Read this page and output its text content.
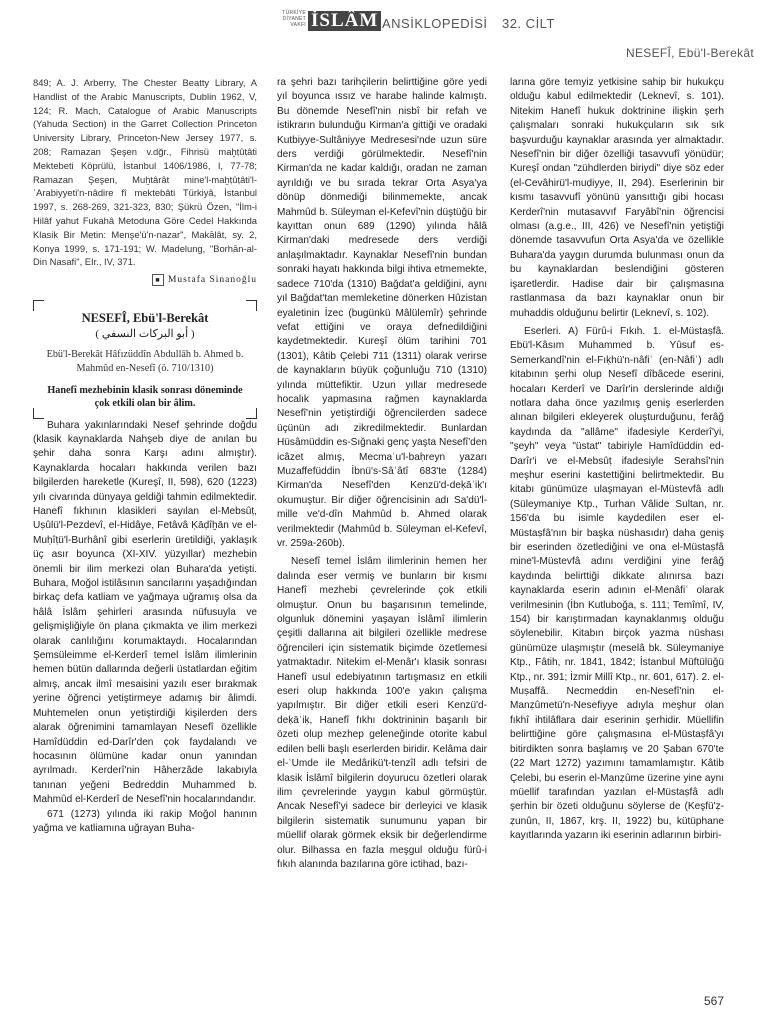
TÜRKİYE
DİYANET
VAKFI İSLÂM ANSİKLOPEDİSİ 32. CİLT
NESEFÎ, Ebü'l-Berekât

849; A. J. Arberry, The Chester Beatty Library, A Handlist of the Arabic Manuscripts, Dublin 1962, V, 124; R. Mach, Catalogue of Arabic Manuscripts (Yahuda Section) in the Garret Collection Princeton University Library, Princeton-New Jersey 1977, s. 208; Ramazan Şeşen v.dğr., Fihrisü maḫṭûṭâti Mektebeti Köprülü, İstanbul 1406/1986, I, 77-78; Ramazan Şeşen, Muḫtârât mine'l-maḫṭûṭâti'l-ʿArabiyyeti'n-nâdire fî mektebâti Türkiyâ, İstanbul 1997, s. 268-269, 321-323, 830; Şükrü Özen, "İlm-i Hilâf yahut Fukahâ Metoduna Göre Cedel Hakkında Klasik Bir Metin: Menşe'ü'n-nazar", Makālât, sy. 2, Konya 1999, s. 171-191; W. Madelung, "Borhān-al-Din Nasafi", EIr., IV, 371.

■ Mustafa Sinanoğlu
NESEFÎ, Ebü'l-Berekât
( أبو البركات النسفي )
Ebü'l-Berekât Hâfızüddîn Abdullāh b. Ahmed b. Mahmûd en-Nesefî (ö. 710/1310)
Hanefî mezhebinin klasik sonrası döneminde çok etkili olan bir âlim.

Buhara yakınlarındaki Nesef şehrinde doğdu (klasik kaynaklarda Nahşeb diye de anılan bu şehir daha sonra Karşı adını almıştır). Kaynaklarda hocaları hakkında verilen bazı bilgilerden hareketle (Kureşî, II, 598), 620 (1223) yılı civarında dünyaya geldiği tahmin edilmektedir. Hanefî fıkhının klasikleri sayılan el-Mebsûṭ, Uṣûlü'l-Pezdevî, el-Hidâye, Fetâvâ Ḳāḍîḫān ve el-Muḥîṭü'l-Burhânî gibi eserlerin üretildiği, yaklaşık üç asır boyunca (XI-XIV. yüzyıllar) mezhebin önemli bir ilim merkezi olan Buhara'da yetişti. Buhara, Moğol istilâsının sancılarını yaşadığından birkaç defa katliam ve yağmaya uğramış olsa da hâlâ İslâm şehirleri arasında nüfusuyla ve gelişmişliğiyle ön plana çıkmakta ve ilim merkezi olarak canlılığını korumaktaydı. Hocalarından Şemsüleimme el-Kerderî temel İslâm ilimlerinin hemen bütün dallarında değerli üstatlardan eğitim almış, ancak ilmî mesaisini yazılı eser bırakmak yerine öğrenci yetiştirmeye adamış bir âlimdi. Muhtemelen onun yetiştirdiği kişilerden ders alarak öğrenimini tamamlayan Nesefî özellikle Hamîdüddin ed-Darîr'den çok faydalandı ve hocasının ölümüne kadar onun yanından ayrılmadı. Kerderî'nin Hâherzâde lakabıyla tanınan yeğeni Bedreddin Muhammed b. Mahmûd el-Kerderî de Nesefî'nin hocalarındandır.

671 (1273) yılında iki rakip Moğol hanının yağma ve katliamına uğrayan Buha-

ra şehri bazı tarihçilerin belirttiğine göre yedi yıl boyunca ıssız ve harabe halinde kalmıştı. Bu dönemde Nesefî'nin nisbî bir refah ve istikrarın bulunduğu Kirman'a gittiği ve oradaki Kutbiyye-Sultâniyye Medresesi'nde uzun süre ders verdiği görülmektedir. Nesefî'nin Kirman'da ne kadar kaldığı, oradan ne zaman ayrıldığı ve bu sırada tekrar Orta Asya'ya dönüp dönmediği bilinmemekte, ancak Mahmûd b. Süleyman el-Kefevî'nin düştüğü bir kayıttan onun 689 (1290) yılında hâlâ Kirman'daki medresede ders verdiği anlaşılmaktadır. Kaynaklar Nesefî'nin bundan sonraki hayatı hakkında bilgi ihtiva etmemekte, sadece 710'da (1310) Bağdat'a geldiğini, aynı yıl Bağdat'tan memleketine dönerken Hûzistan eyaletinin İzec (bugünkü Mâlülemîr) şehrinde vefat ettiğini ve oraya defnedildiğini kaydetmektedir. Kureşî ölüm tarihini 701 (1301), Kâtib Çelebi 711 (1311) olarak verirse de kaynakların büyük çoğunluğu 710 (1310) yılında müttefiktir. Uzun yıllar medresede hocalık yapmasına rağmen kaynaklarda Nesefî'nin yetiştirdiği öğrencilerden sadece üçünün adı zikredilmektedir. Bunlardan Hüsâmüddin es-Sığnaki genç yaşta Nesefî'den icâzet almış, Mecmaʿu'l-baḥreyn yazarı Muzaffefüddin İbnü's-Sâʿâtî 683'te (1284) Kirman'da Nesefî'den Kenzü'd-deḳāʾiḳ'ı okumuştur. Bir diğer öğrencisinin adı Sa'dü'l-mille ve'd-dîn Mahmûd b. Ahmed olarak verilmektedir (Mahmûd b. Süleyman el-Kefevî, vr. 259a-260b).

Nesefî temel İslâm ilimlerinin hemen her dalında eser vermiş ve bunların bir kısmı Hanefî mezhebi çevrelerinde çok etkili olmuştur. Onun bu başarısının temelinde, olgunluk dönemini yaşayan İslâmî ilimlerin çeşitli dallarına ait bilgileri özellikle medrese öğrencileri için sistematik biçimde özetlemesi yatmaktadır. Nitekim el-Menâr'ı klasik sonrası Hanefî usul edebiyatının tartışmasız en etkili eseri olup hakkında 100'e yakın çalışma yapılmıştır. Bir diğer etkili eseri Kenzü'd-deḳāʾiḳ, Hanefî fıkhı doktrininin başarılı bir özeti olup mezhep geleneğinde otorite kabul edilen belli başlı eserlerden biridir. Kelâma dair el-ʿUmde ile Medârikü't-tenzîl adlı tefsiri de klasik İslâmî bilgilerin doyurucu özetleri olarak ilim çevrelerinde yaygın kabul görmüştür. Ancak Nesefî'yi sadece bir derleyici ve klasik bilgilerin sistematik sunumunu yapan bir müellif olarak görmek eksik bir değerlendirme olur. Bilhassa en fazla meşgul olduğu fürû-i fıkıh alanında bazılarına göre ictihad, bazı-

larına göre temyiz yetkisine sahip bir hukukçu olduğu kabul edilmektedir (Leknevî, s. 101). Nitekim Hanefî hukuk doktrinine ilişkin şerh çalışmaları sonraki hukukçuların sık sık başvurduğu kaynaklar arasında yer almaktadır. Nesefî'nin bir diğer özelliği tasavvufî yönüdür; Kureşî ondan "zühdlerden biriydi" diye söz eder (el-Cevâhirü'l-muḍiyye, II, 294). Eserlerinin bir kısmı tasavvufî yönünü yansıttığı gibi hocası Kerderî'nin mutasavvıf Faryâbî'nin öğrencisi olması (a.g.e., III, 426) ve Nesefî'nin yetiştiği dönemde tasavvufun Orta Asya'da ve özellikle Buhara'da yaygın durumda bulunması onun da bu kaynaklardan beslendiğini gösteren işaretlerdir. Hadise dair bir çalışmasına rastlanmasa da bazı kaynaklar onun bir muhaddis olduğunu belirtir (Leknevî, s. 102).

Eserleri. A) Fürû-i Fıkıh. 1. el-Müstaṣfâ. Ebü'l-Kâsım Muhammed b. Yûsuf es-Semerkandî'nin el-Fıḳhü'n-nâfiʿ (en-Nâfiʿ) adlı kitabının şerhi olup Nesefî dîbâcede eserini, hocaları Kerderî ve Darîr'in derslerinde aldığı notlara daha önce yazılmış geniş eserlerden alınan bilgileri ekleyerek oluşturduğunu, ferâğ kaydında da "allâme" ifadesiyle Kerderî'yi, "şeyh" veya "üstat" tabiriyle Hamîdüddin ed-Darîr'i ve el-Mebsûṭ ifadesiyle Serahsî'nin meşhur eserini kastettiğini belirtmektedir. Bu kitabı günümüze ulaşmayan el-Müstevfâ adlı (Süleymaniye Ktp., Turhan Vâlide Sultan, nr. 156'da bu isimle kaydedilen eser el-Müstaṣfâ'nın bir başka nüshasıdır) daha geniş bir eserinden özetlediğini ve ona el-Müstaṣfâ mine'l-Müstevfâ adını verdiğini yine ferâğ kaydında belirttiği dikkate alınırsa bazı kaynaklarda eserin adının el-Menâfiʿ olarak verilmesinin (İbn Kutluboğa, s. 111; Temîmî, IV, 154) bir karıştırmadan kaynaklanmış olduğu söylenebilir. Kitabın birçok yazma nüshası günümüze ulaşmıştır (meselâ bk. Süleymaniye Ktp., Fâtih, nr. 1841, 1842; İstanbul Müftülüğü Ktp., nr. 391; İzmir Millî Ktp., nr. 601, 617). 2. el-Muṣaffâ. Necmeddin en-Nesefî'nin el-Manẓûmetü'n-Nesefiyye adıyla meşhur olan fıkhî ihtilâflara dair eserinin şerhidir. Müellifin belirttiğine göre çalışmasına el-Müstaṣfâ'yı bitirdikten sonra başlamış ve 20 Şaban 670'te (22 Mart 1272) yazımını tamamlamıştır. Kâtib Çelebi, bu eserin el-Manẓûme üzerine yine aynı müellif tarafından yazılan el-Müstaṣfâ adlı şerhin bir özeti olduğunu söylerse de (Keşfü'ẓ-ẓunûn, II, 1867, krş. II, 1922) bu, kütüphane kayıtlarında yazarın iki eserinin adlarının birbiri-

567
